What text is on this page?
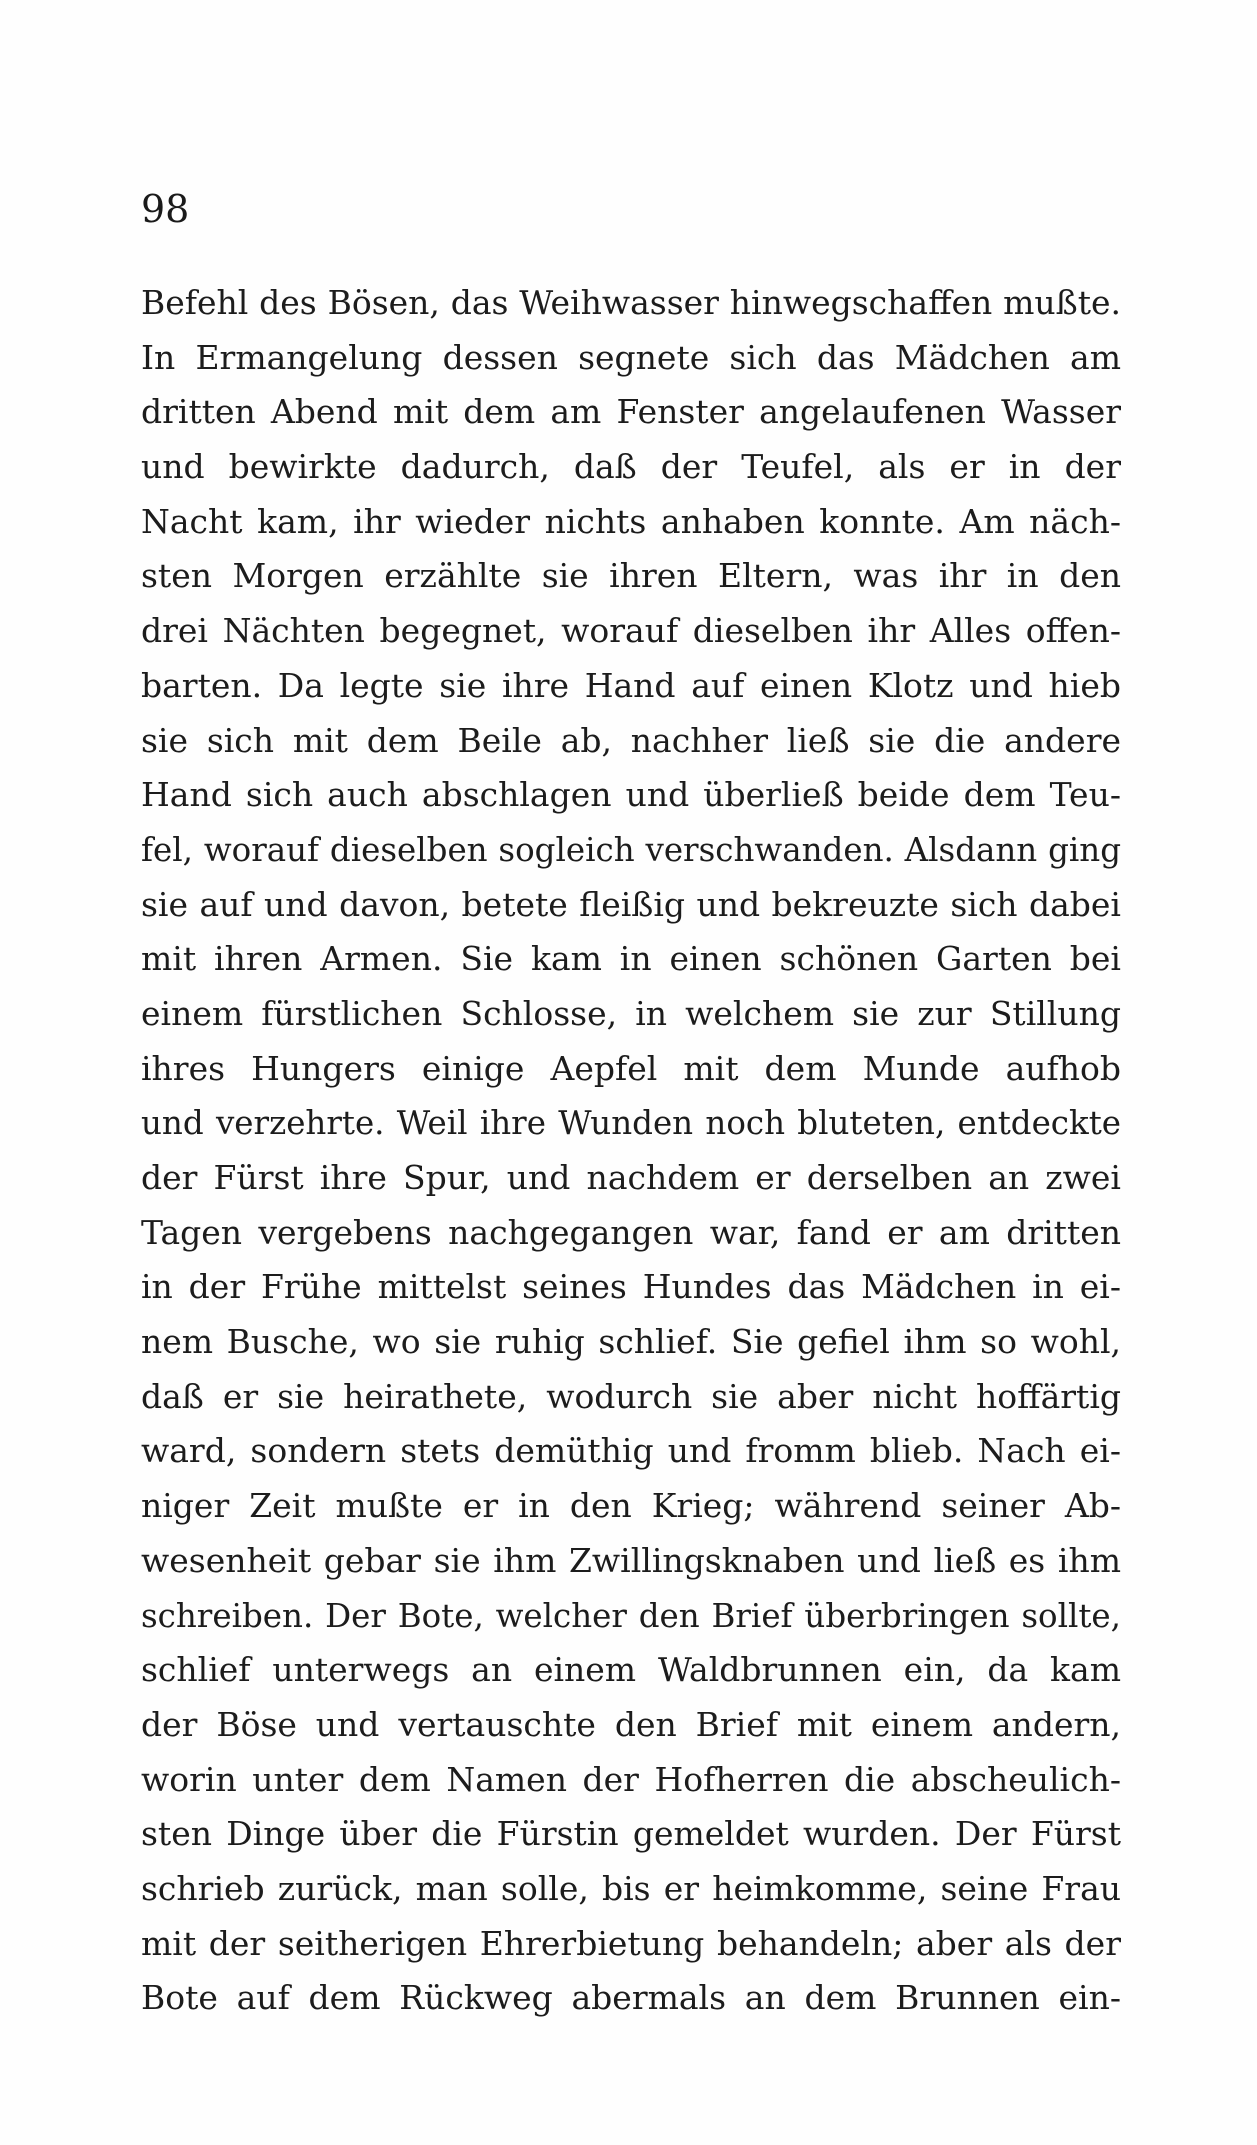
98
Befehl des Bösen, das Weihwasser hinwegschaffen mußte.
In Ermangelung dessen segnete sich das Mädchen am
dritten Abend mit dem am Fenster angelaufenen Wasser
und bewirkte dadurch, daß der Teufel, als er in der
Nacht kam, ihr wieder nichts anhaben konnte. Am näch-
sten Morgen erzählte sie ihren Eltern, was ihr in den
drei Nächten begegnet, worauf dieselben ihr Alles offen-
barten. Da legte sie ihre Hand auf einen Klotz und hieb
sie sich mit dem Beile ab, nachher ließ sie die andere
Hand sich auch abschlagen und überließ beide dem Teu-
fel, worauf dieselben sogleich verschwanden. Alsdann ging
sie auf und davon, betete fleißig und bekreuzte sich dabei
mit ihren Armen. Sie kam in einen schönen Garten bei
einem fürstlichen Schlosse, in welchem sie zur Stillung
ihres Hungers einige Aepfel mit dem Munde aufhob
und verzehrte. Weil ihre Wunden noch bluteten, entdeckte
der Fürst ihre Spur, und nachdem er derselben an zwei
Tagen vergebens nachgegangen war, fand er am dritten
in der Frühe mittelst seines Hundes das Mädchen in ei-
nem Busche, wo sie ruhig schlief. Sie gefiel ihm so wohl,
daß er sie heirathete, wodurch sie aber nicht hoffärtig
ward, sondern stets demüthig und fromm blieb. Nach ei-
niger Zeit mußte er in den Krieg; während seiner Ab-
wesenheit gebar sie ihm Zwillingsknaben und ließ es ihm
schreiben. Der Bote, welcher den Brief überbringen sollte,
schlief unterwegs an einem Waldbrunnen ein, da kam
der Böse und vertauschte den Brief mit einem andern,
worin unter dem Namen der Hofherren die abscheulich-
sten Dinge über die Fürstin gemeldet wurden. Der Fürst
schrieb zurück, man solle, bis er heimkomme, seine Frau
mit der seitherigen Ehrerbietung behandeln; aber als der
Bote auf dem Rückweg abermals an dem Brunnen ein-
